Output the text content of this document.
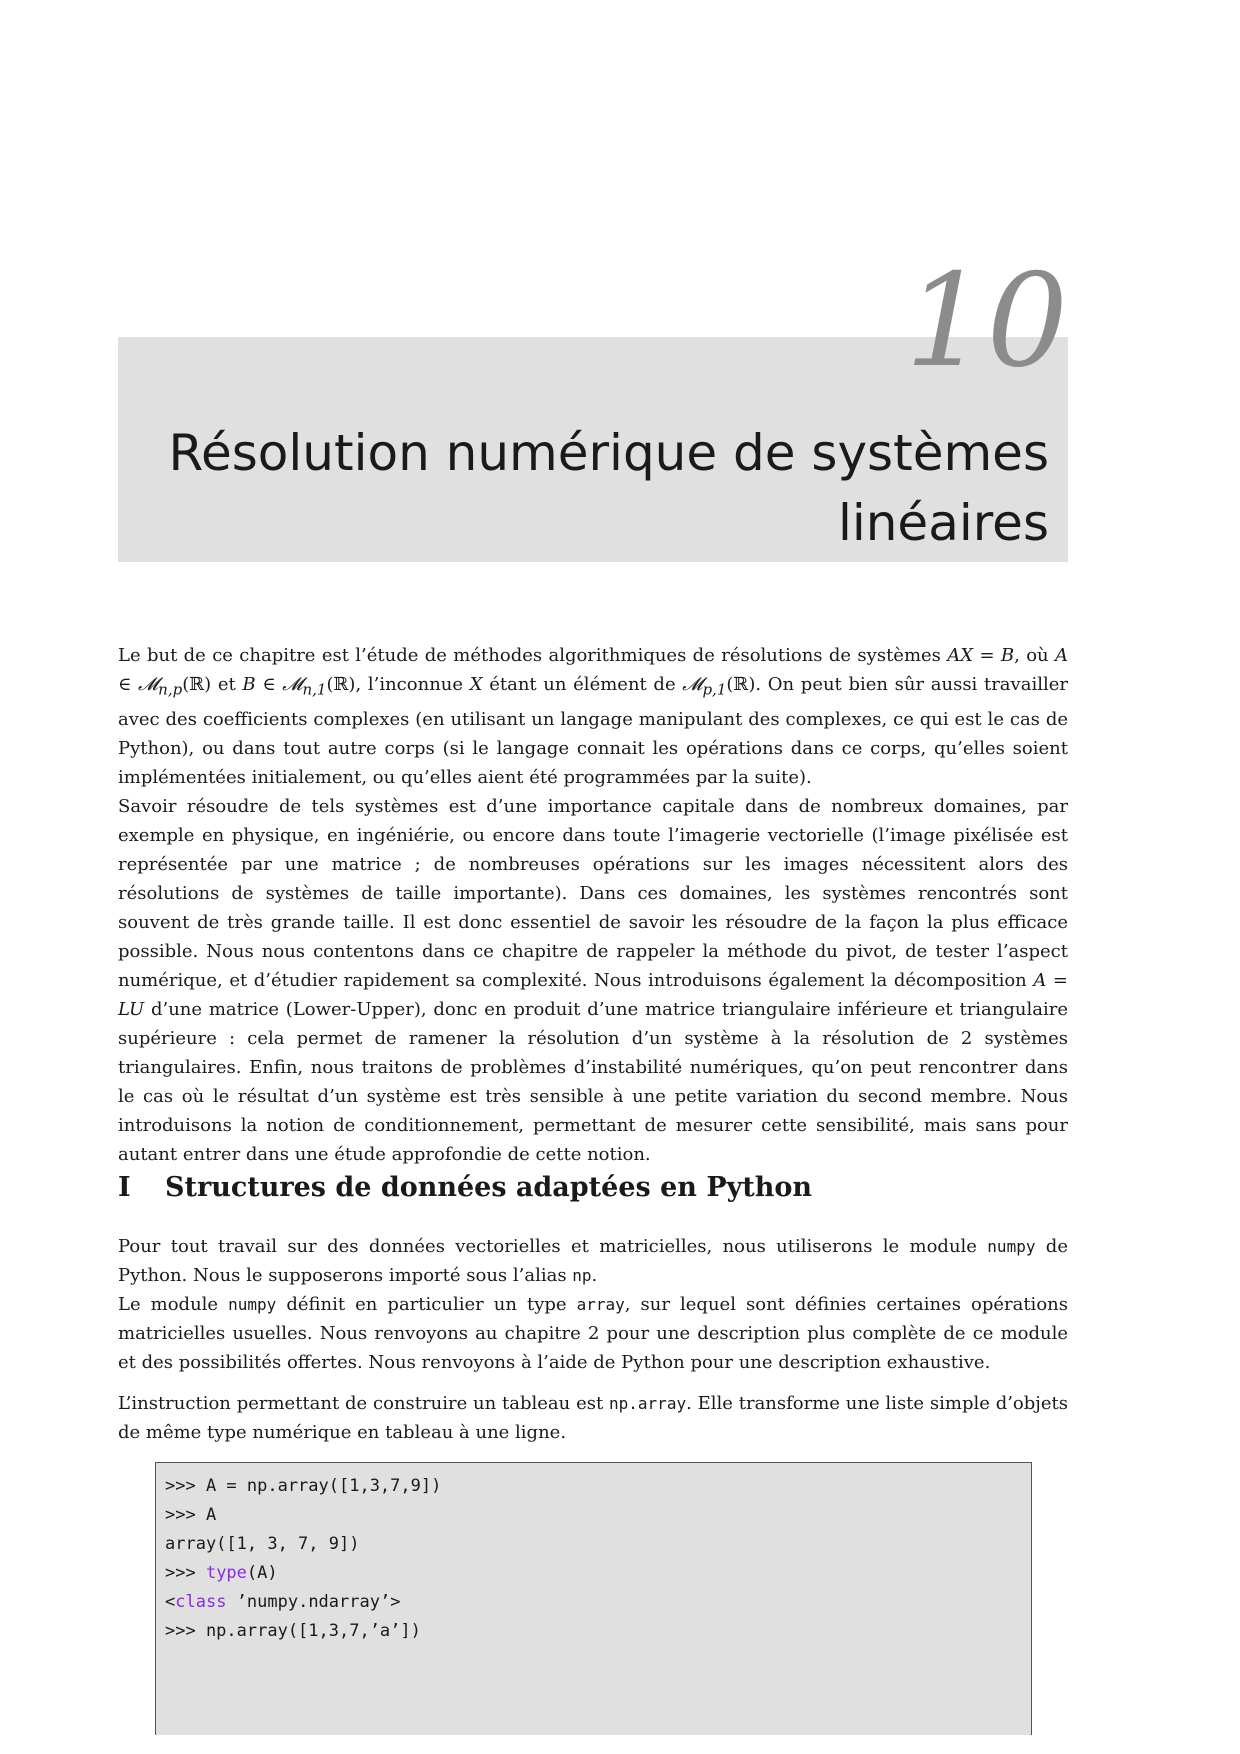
10
Résolution numérique de systèmes
linéaires

Le but de ce chapitre est l’étude de méthodes algorithmiques de résolutions de systèmes AX = B, où A ∈ 𝓜$_{n,p}$(ℝ) et B ∈ 𝓜$_{n,1}$(ℝ), l’inconnue X étant un élément de 𝓜$_{p,1}$(ℝ). On peut bien sûr aussi travailler avec des coefficients complexes (en utilisant un langage manipulant des complexes, ce qui est le cas de Python), ou dans tout autre corps (si le langage connait les opérations dans ce corps, qu’elles soient implémentées initialement, ou qu’elles aient été programmées par la suite).

Savoir résoudre de tels systèmes est d’une importance capitale dans de nombreux domaines, par exemple en physique, en ingéniérie, ou encore dans toute l’imagerie vectorielle (l’image pixélisée est représentée par une matrice ; de nombreuses opérations sur les images nécessitent alors des résolutions de systèmes de taille importante). Dans ces domaines, les systèmes rencontrés sont souvent de très grande taille. Il est donc essentiel de savoir les résoudre de la façon la plus efficace possible. Nous nous contentons dans ce chapitre de rappeler la méthode du pivot, de tester l’aspect numérique, et d’étudier rapidement sa complexité. Nous introduisons également la décomposition A = LU d’une matrice (Lower-Upper), donc en produit d’une matrice triangulaire inférieure et triangulaire supérieure : cela permet de ramener la résolution d’un système à la résolution de 2 systèmes triangulaires. Enfin, nous traitons de problèmes d’instabilité numériques, qu’on peut rencontrer dans le cas où le résultat d’un système est très sensible à une petite variation du second membre. Nous introduisons la notion de conditionnement, permettant de mesurer cette sensibilité, mais sans pour autant entrer dans une étude approfondie de cette notion.

I Structures de données adaptées en Python

Pour tout travail sur des données vectorielles et matricielles, nous utiliserons le module numpy de Python. Nous le supposerons importé sous l’alias np.

Le module numpy définit en particulier un type array, sur lequel sont définies certaines opérations matricielles usuelles. Nous renvoyons au chapitre 2 pour une description plus complète de ce module et des possibilités offertes. Nous renvoyons à l’aide de Python pour une description exhaustive.

L’instruction permettant de construire un tableau est np.array. Elle transforme une liste simple d’objets de même type numérique en tableau à une ligne.

>>> A = np.array([1,3,7,9])
>>> A
array([1, 3, 7, 9])
>>> type(A)
<class ’numpy.ndarray’>
>>> np.array([1,3,7,’a’])
